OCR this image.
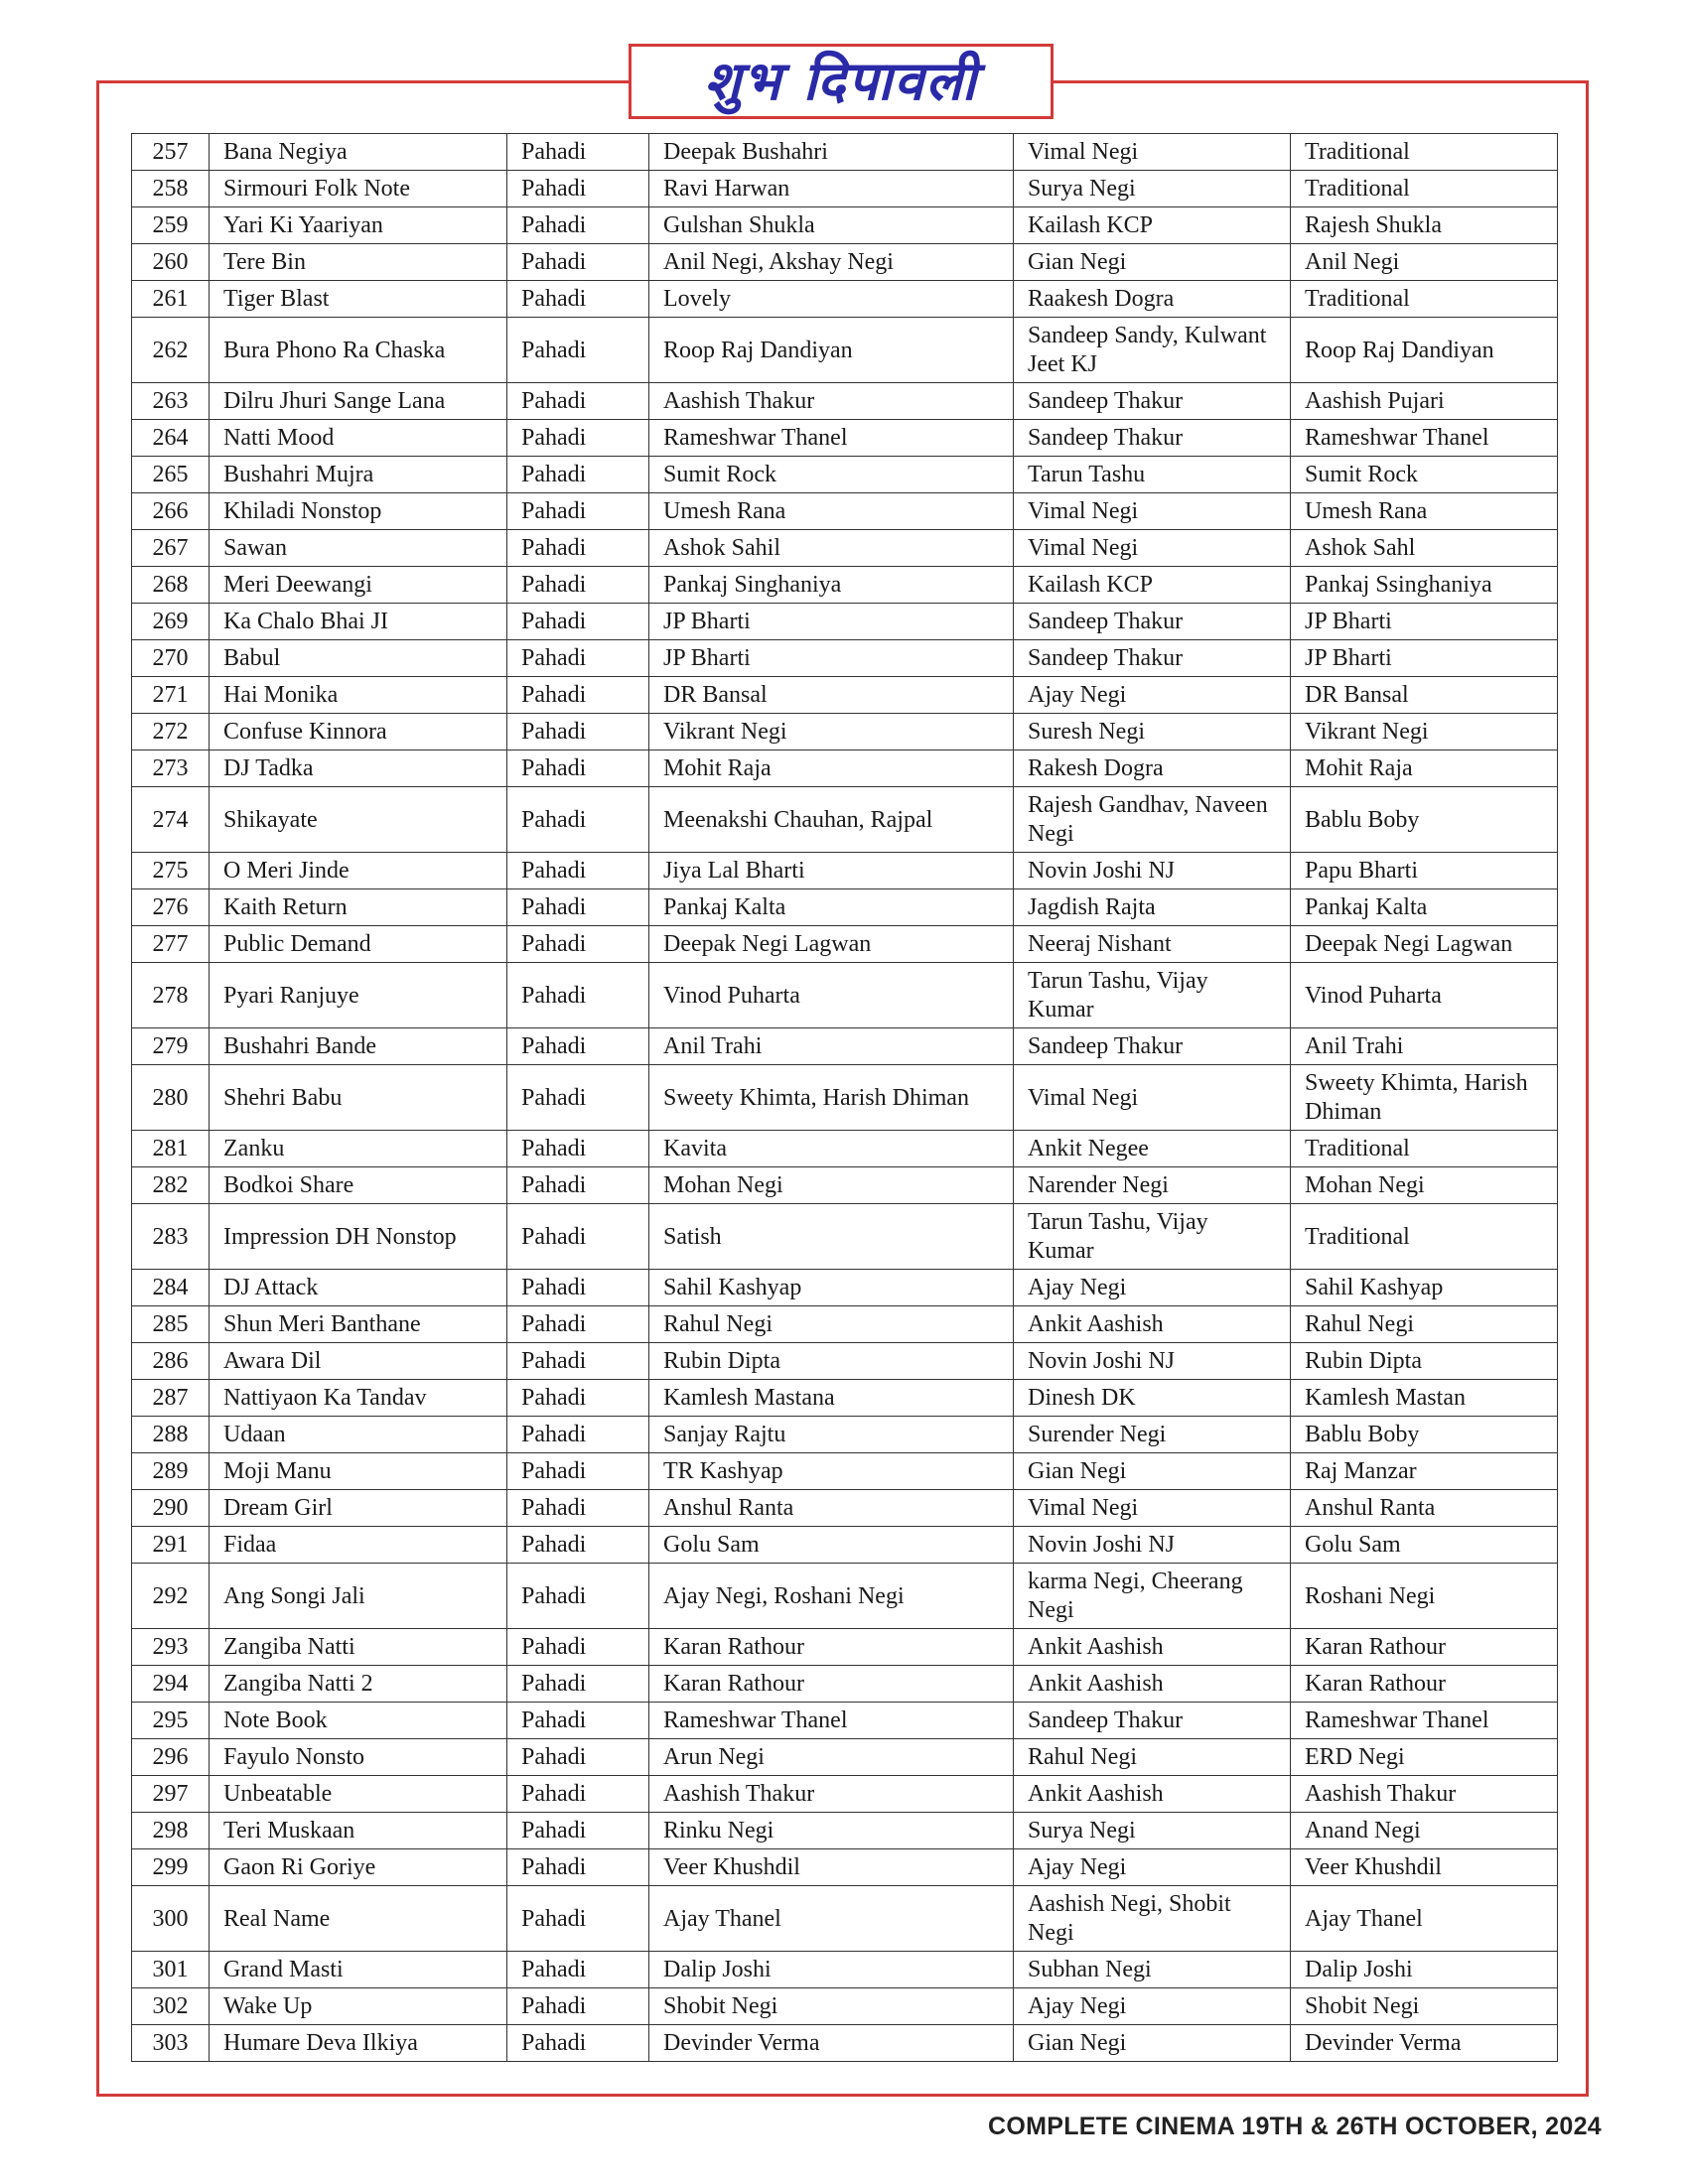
शुभ दिपावली
257	Bana Negiya	Pahadi	Deepak Bushahri	Vimal Negi	Traditional
258	Sirmouri Folk Note	Pahadi	Ravi Harwan	Surya Negi	Traditional
259	Yari Ki Yaariyan	Pahadi	Gulshan Shukla	Kailash KCP	Rajesh Shukla
260	Tere Bin	Pahadi	Anil Negi, Akshay Negi	Gian Negi	Anil Negi
261	Tiger Blast	Pahadi	Lovely	Raakesh Dogra	Traditional
262	Bura Phono Ra Chaska	Pahadi	Roop Raj Dandiyan	Sandeep Sandy, Kulwant Jeet KJ	Roop Raj Dandiyan
263	Dilru Jhuri Sange Lana	Pahadi	Aashish Thakur	Sandeep Thakur	Aashish Pujari
264	Natti Mood	Pahadi	Rameshwar Thanel	Sandeep Thakur	Rameshwar Thanel
265	Bushahri Mujra	Pahadi	Sumit Rock	Tarun Tashu	Sumit Rock
266	Khiladi Nonstop	Pahadi	Umesh Rana	Vimal Negi	Umesh Rana
267	Sawan	Pahadi	Ashok Sahil	Vimal Negi	Ashok Sahl
268	Meri Deewangi	Pahadi	Pankaj Singhaniya	Kailash KCP	Pankaj Ssinghaniya
269	Ka Chalo Bhai JI	Pahadi	JP Bharti	Sandeep Thakur	JP Bharti
270	Babul	Pahadi	JP Bharti	Sandeep Thakur	JP Bharti
271	Hai Monika	Pahadi	DR Bansal	Ajay Negi	DR Bansal
272	Confuse Kinnora	Pahadi	Vikrant Negi	Suresh Negi	Vikrant Negi
273	DJ Tadka	Pahadi	Mohit Raja	Rakesh Dogra	Mohit Raja
274	Shikayate	Pahadi	Meenakshi Chauhan, Rajpal	Rajesh Gandhav, Naveen Negi	Bablu Boby
275	O Meri Jinde	Pahadi	Jiya Lal Bharti	Novin Joshi NJ	Papu Bharti
276	Kaith Return	Pahadi	Pankaj Kalta	Jagdish Rajta	Pankaj Kalta
277	Public Demand	Pahadi	Deepak Negi Lagwan	Neeraj Nishant	Deepak Negi Lagwan
278	Pyari Ranjuye	Pahadi	Vinod Puharta	Tarun Tashu, Vijay Kumar	Vinod Puharta
279	Bushahri Bande	Pahadi	Anil Trahi	Sandeep Thakur	Anil Trahi
280	Shehri Babu	Pahadi	Sweety Khimta, Harish Dhiman	Vimal Negi	Sweety Khimta, Harish Dhiman
281	Zanku	Pahadi	Kavita	Ankit Negee	Traditional
282	Bodkoi Share	Pahadi	Mohan Negi	Narender Negi	Mohan Negi
283	Impression DH Nonstop	Pahadi	Satish	Tarun Tashu, Vijay Kumar	Traditional
284	DJ Attack	Pahadi	Sahil Kashyap	Ajay Negi	Sahil Kashyap
285	Shun Meri Banthane	Pahadi	Rahul Negi	Ankit Aashish	Rahul Negi
286	Awara Dil	Pahadi	Rubin Dipta	Novin Joshi NJ	Rubin Dipta
287	Nattiyaon Ka Tandav	Pahadi	Kamlesh Mastana	Dinesh DK	Kamlesh Mastan
288	Udaan	Pahadi	Sanjay Rajtu	Surender Negi	Bablu Boby
289	Moji Manu	Pahadi	TR Kashyap	Gian Negi	Raj Manzar
290	Dream Girl	Pahadi	Anshul Ranta	Vimal Negi	Anshul Ranta
291	Fidaa	Pahadi	Golu Sam	Novin Joshi NJ	Golu Sam
292	Ang Songi Jali	Pahadi	Ajay Negi, Roshani Negi	karma Negi, Cheerang Negi	Roshani Negi
293	Zangiba Natti	Pahadi	Karan Rathour	Ankit Aashish	Karan Rathour
294	Zangiba Natti 2	Pahadi	Karan Rathour	Ankit Aashish	Karan Rathour
295	Note Book	Pahadi	Rameshwar Thanel	Sandeep Thakur	Rameshwar Thanel
296	Fayulo Nonsto	Pahadi	Arun Negi	Rahul Negi	ERD Negi
297	Unbeatable	Pahadi	Aashish Thakur	Ankit Aashish	Aashish Thakur
298	Teri Muskaan	Pahadi	Rinku Negi	Surya Negi	Anand Negi
299	Gaon Ri Goriye	Pahadi	Veer Khushdil	Ajay Negi	Veer Khushdil
300	Real Name	Pahadi	Ajay Thanel	Aashish Negi, Shobit Negi	Ajay Thanel
301	Grand Masti	Pahadi	Dalip Joshi	Subhan Negi	Dalip Joshi
302	Wake Up	Pahadi	Shobit Negi	Ajay Negi	Shobit Negi
303	Humare Deva Ilkiya	Pahadi	Devinder Verma	Gian Negi	Devinder Verma
COMPLETE CINEMA 19TH & 26TH OCTOBER, 2024
